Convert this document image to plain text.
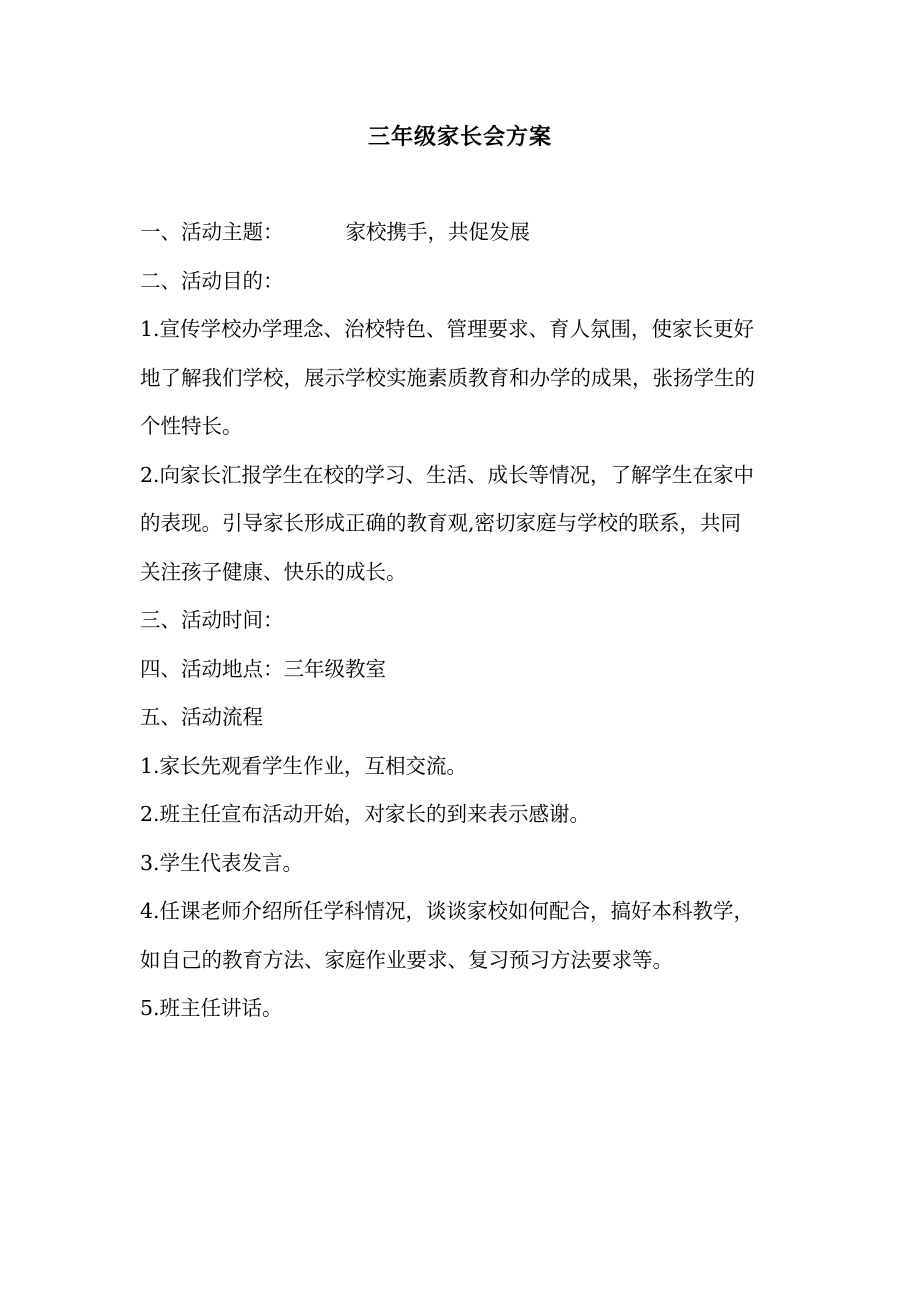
三年级家长会方案
一、活动主题：	家校携手，共促发展
二、活动目的：
1.宣传学校办学理念、治校特色、管理要求、育人氛围，使家长更好
地了解我们学校，展示学校实施素质教育和办学的成果，张扬学生的
个性特长。
2.向家长汇报学生在校的学习、生活、成长等情况，了解学生在家中
的表现。引导家长形成正确的教育观,密切家庭与学校的联系，共同
关注孩子健康、快乐的成长。
三、活动时间：
四、活动地点：三年级教室
五、活动流程
1.家长先观看学生作业，互相交流。
2.班主任宣布活动开始，对家长的到来表示感谢。
3.学生代表发言。
4.任课老师介绍所任学科情况，谈谈家校如何配合，搞好本科教学，
如自己的教育方法、家庭作业要求、复习预习方法要求等。
5.班主任讲话。
